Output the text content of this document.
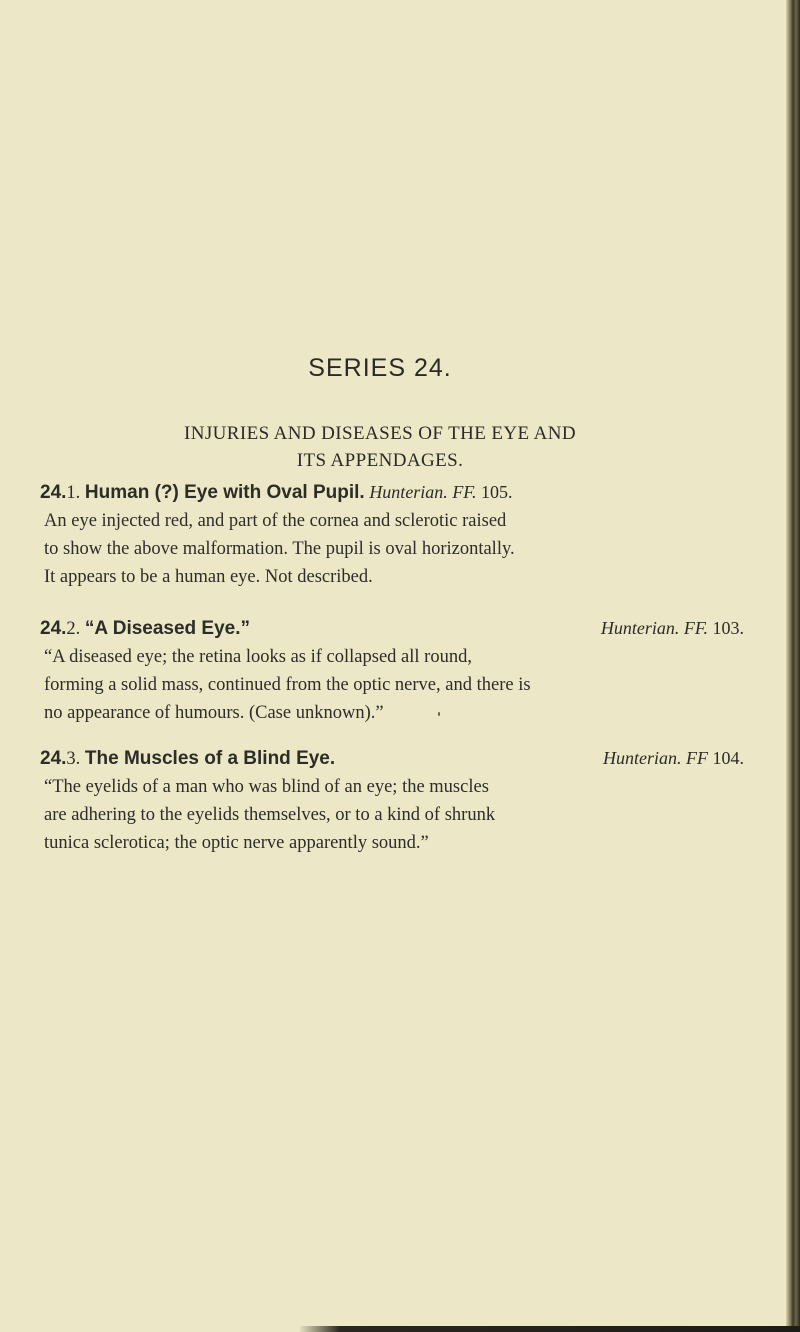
SERIES 24.
INJURIES AND DISEASES OF THE EYE AND
ITS APPENDAGES.
24.1. Human (?) Eye with Oval Pupil. Hunterian. FF. 105.
An eye injected red, and part of the cornea and sclerotic raised
to show the above malformation. The pupil is oval horizontally.
It appears to be a human eye. Not described.
24.2. “A Diseased Eye.”	Hunterian. FF. 103.
“A diseased eye; the retina looks as if collapsed all round,
forming a solid mass, continued from the optic nerve, and there is
no appearance of humours. (Case unknown).”
24.3. The Muscles of a Blind Eye.	Hunterian. FF 104.
“The eyelids of a man who was blind of an eye; the muscles
are adhering to the eyelids themselves, or to a kind of shrunk
tunica sclerotica; the optic nerve apparently sound.”
